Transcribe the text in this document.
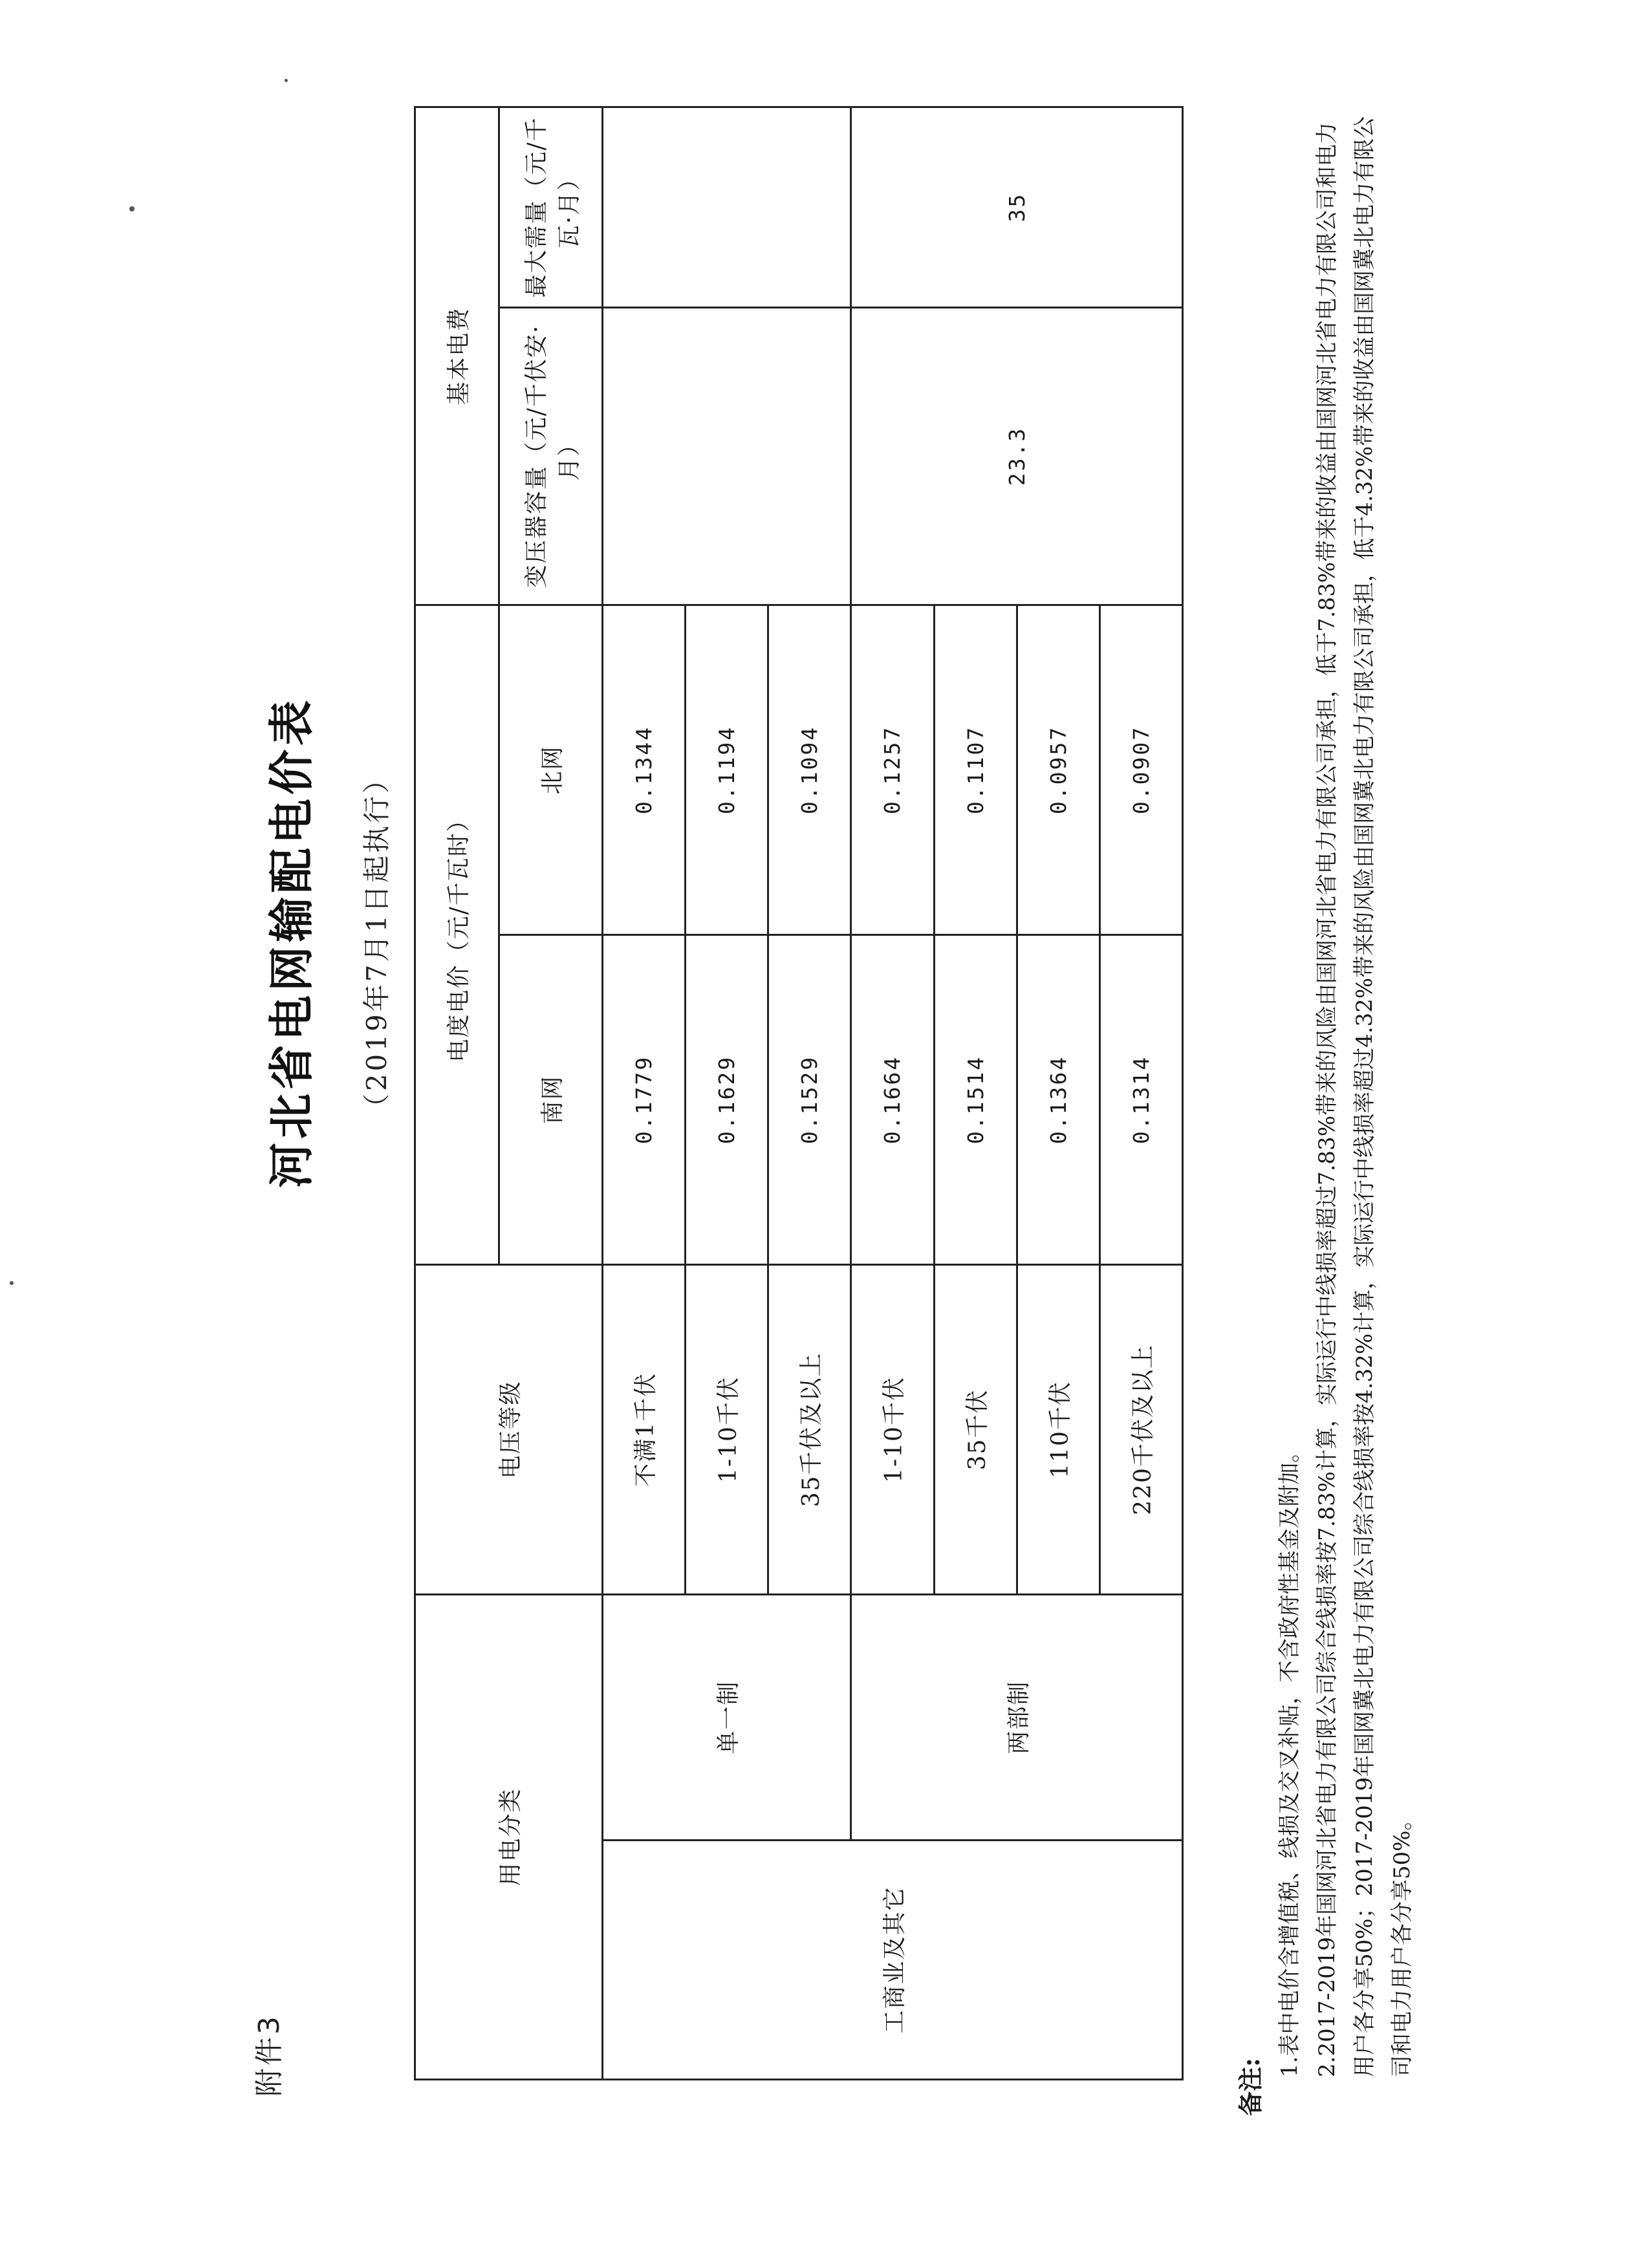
附件3
河北省电网输配电价表 （2019年7月1日起执行）
用电分类		电压等级	电度电价（元/千瓦时）		基本电费	
			南网	北网	变压器容量（元/千伏安·月）	最大需量（元/千瓦·月）
工商业及其它	单一制	不满1千伏	0.1779	0.1344		
		1-10千伏	0.1629	0.1194		
		35千伏及以上	0.1529	0.1094		
	两部制	1-10千伏	0.1664	0.1257	23.3	35
		35千伏	0.1514	0.1107		
		110千伏	0.1364	0.0957		
		220千伏及以上	0.1314	0.0907		

备注:

1.表中电价含增值税、线损及交叉补贴，不含政府性基金及附加。 2.2017-2019年国网河北省电力有限公司综合线损率按7.83%计算，实际运行中线损率超过7.83%带来的风险由国网河北省电力有限公司承担，低于7.83%带来的收益由国网河北省电力有限公司和电力用户各分享50%；2017-2019年国网冀北电力有限公司综合线损率按4.32%计算，实际运行中线损率超过4.32%带来的风险由国网冀北电力有限公司承担，低于4.32%带来的收益由国网冀北电力有限公司和电力用户各分享50%。
